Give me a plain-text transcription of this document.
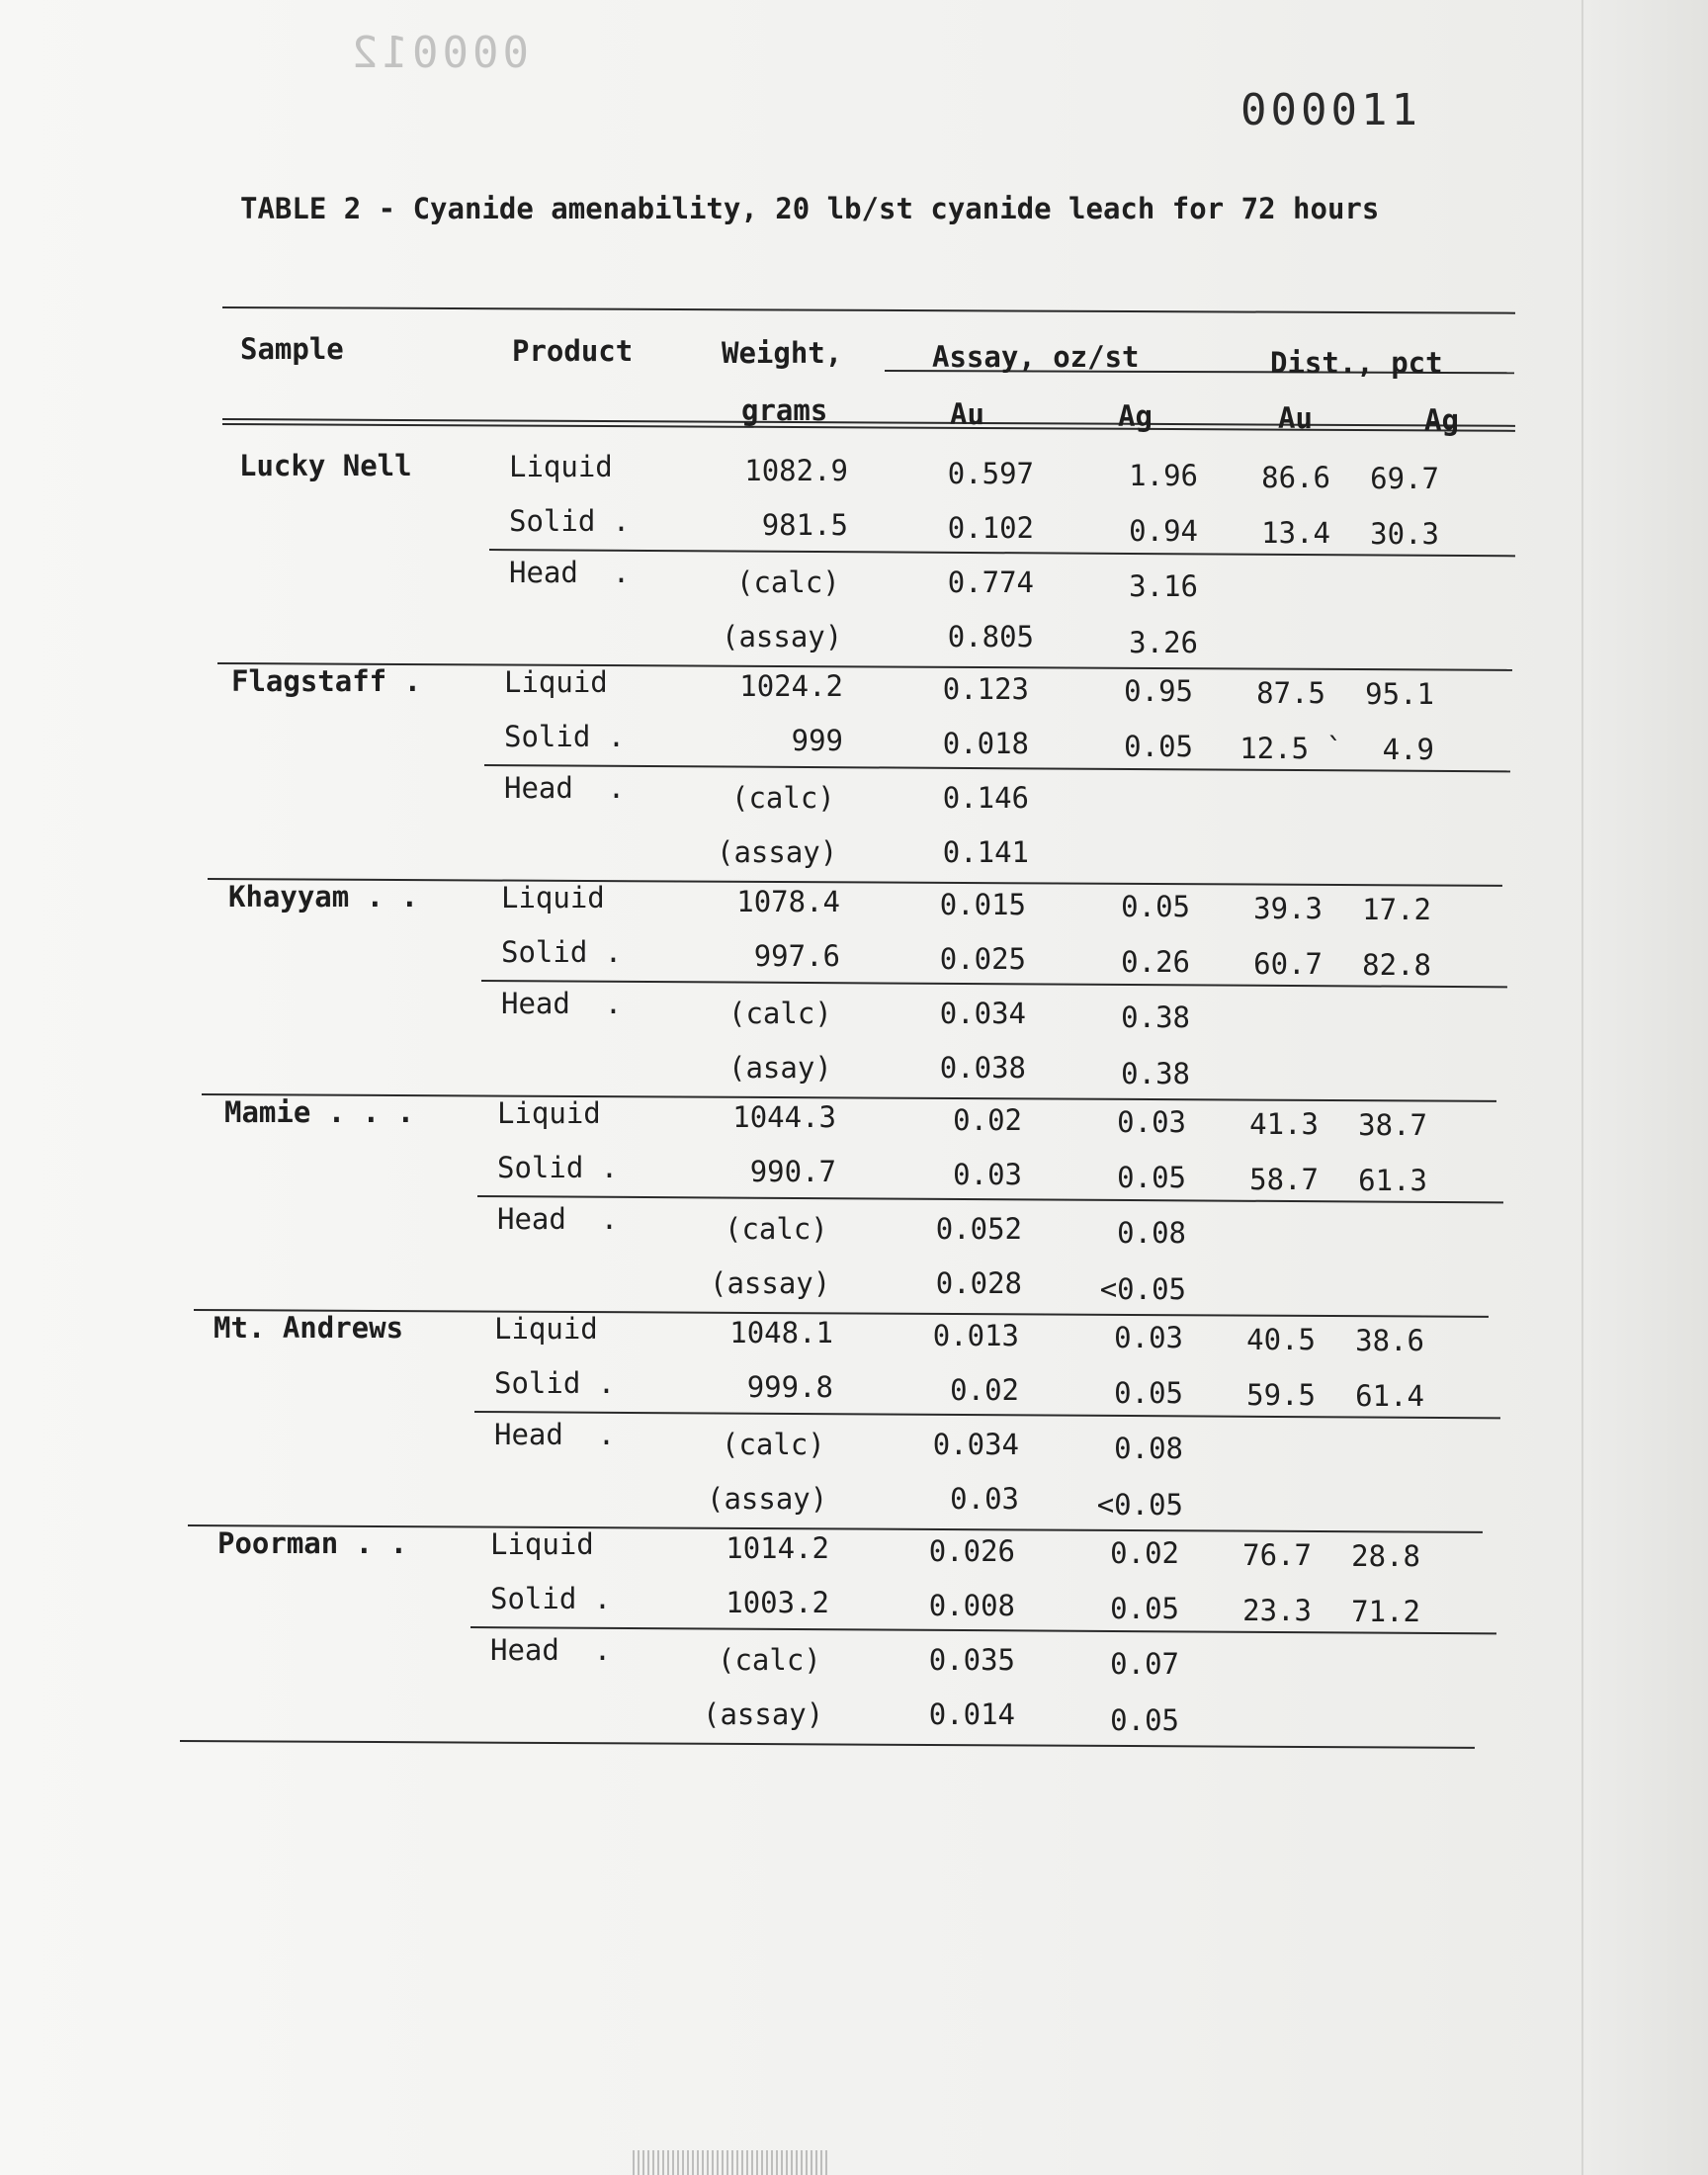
000012
000011
TABLE 2 - Cyanide amenability, 20 lb/st cyanide leach for 72 hours
Sample	Product	Weight,
grams
Assay, oz/st	Dist., pct
Au	Ag	Au	Ag
Lucky Nell	Liquid	1082.9	0.597	1.96	86.6	69.7
Solid .	981.5	0.102	0.94	13.4	30.3
Head  .	(calc)	0.774	3.16
(assay)	0.805	3.26
Flagstaff .	Liquid	1024.2	0.123	0.95	87.5	95.1
Solid .	999	0.018	0.05	12.5 `	4.9
Head  .	(calc)	0.146
(assay)	0.141
Khayyam . .	Liquid	1078.4	0.015	0.05	39.3	17.2
Solid .	997.6	0.025	0.26	60.7	82.8
Head  .	(calc)	0.034	0.38
(asay)	0.038	0.38
Mamie . . .	Liquid	1044.3	0.02	0.03	41.3	38.7
Solid .	990.7	0.03	0.05	58.7	61.3
Head  .	(calc)	0.052	0.08
(assay)	0.028	<0.05
Mt. Andrews	Liquid	1048.1	0.013	0.03	40.5	38.6
Solid .	999.8	0.02	0.05	59.5	61.4
Head  .	(calc)	0.034	0.08
(assay)	0.03	<0.05
Poorman . .	Liquid	1014.2	0.026	0.02	76.7	28.8
Solid .	1003.2	0.008	0.05	23.3	71.2
Head  .	(calc)	0.035	0.07
(assay)	0.014	0.05
